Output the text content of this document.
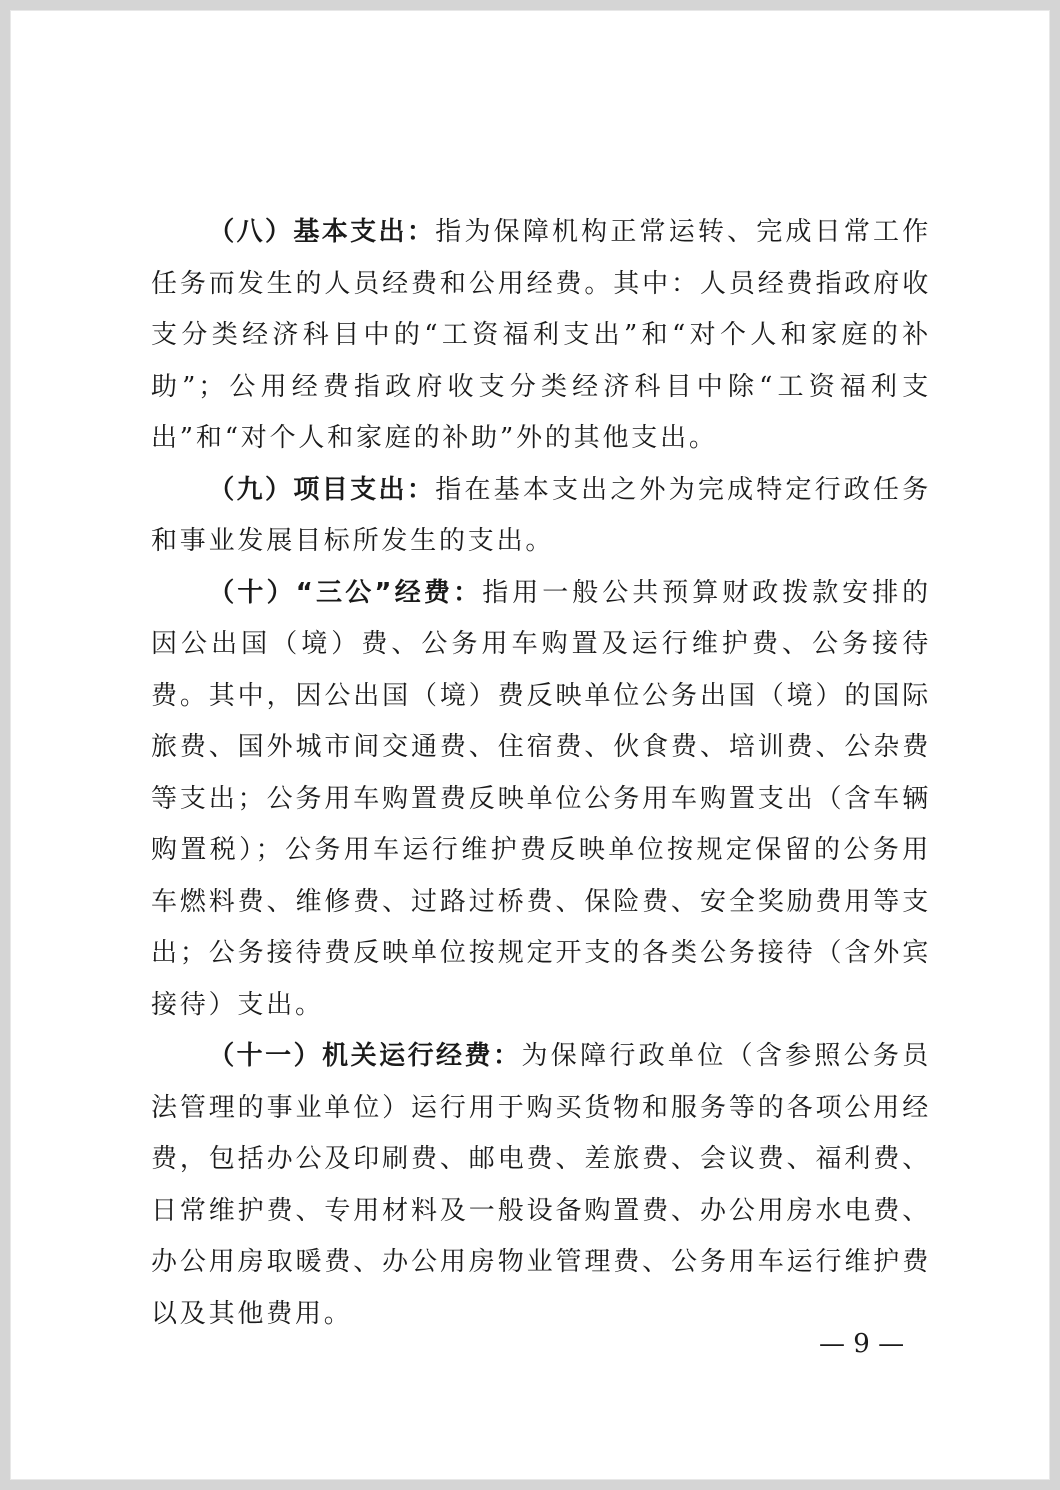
（八）基本支出：指为保障机构正常运转、完成日常工作任务而发生的人员经费和公用经费。其中：人员经费指政府收支分类经济科目中的“工资福利支出”和“对个人和家庭的补助”；公用经费指政府收支分类经济科目中除“工资福利支出”和“对个人和家庭的补助”外的其他支出。

（九）项目支出：指在基本支出之外为完成特定行政任务和事业发展目标所发生的支出。

（十）“三公”经费：指用一般公共预算财政拨款安排的因公出国（境）费、公务用车购置及运行维护费、公务接待费。其中，因公出国（境）费反映单位公务出国（境）的国际旅费、国外城市间交通费、住宿费、伙食费、培训费、公杂费等支出；公务用车购置费反映单位公务用车购置支出（含车辆购置税）；公务用车运行维护费反映单位按规定保留的公务用车燃料费、维修费、过路过桥费、保险费、安全奖励费用等支出；公务接待费反映单位按规定开支的各类公务接待（含外宾接待）支出。

（十一）机关运行经费：为保障行政单位（含参照公务员法管理的事业单位）运行用于购买货物和服务等的各项公用经费，包括办公及印刷费、邮电费、差旅费、会议费、福利费、日常维护费、专用材料及一般设备购置费、办公用房水电费、办公用房取暖费、办公用房物业管理费、公务用车运行维护费以及其他费用。

— 9 —
